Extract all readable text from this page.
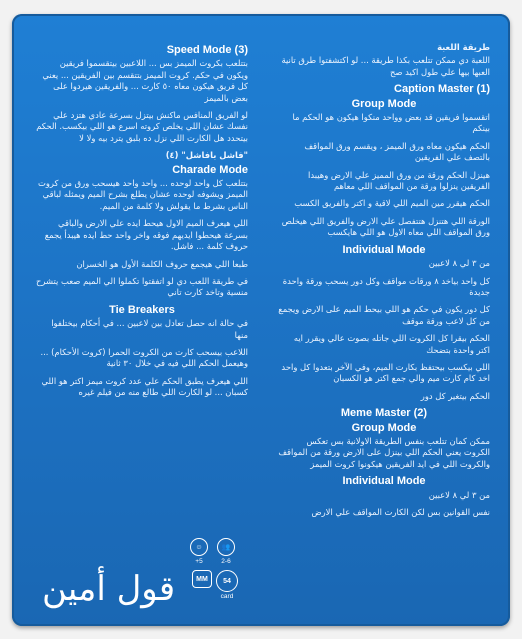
Speed Mode (3)

بتتلعب بكروت الميمز بس ... اللاعبين بيتقسموا فريقين ويكون في حكم. كروت الميمز بتتقسم بين الفريقين ... يعني كل فريق هيكون معاه ٥٠ كارت ... والفريقين هيردوا على بعض بالميمز

لو الفريق المنافس ماكنش بيتزل بسرعة عادي هتزد علي نفسك عشان اللي يخلص كروته اسرع هو اللي بيكسب. الحكم بيتحدد هل الكارت اللي نزل ده بلبق يترد بيه ولا لا

"فاشل بافاشل" (٤)
Charade Mode

بتتلعب كل واحد لوحده ... واحد واحد هيسحب ورق من كروت الميمز ويشوفه لوحده عشان يطلع بشرح الميم ويمثله لباقي الناس بشرط ما يقولش ولا كلمة من الميم.

اللي هيعرف الميم الاول هيحط ايده علي الارض والباقي بسرعة هيحطوا ايديهم فوقه واخر واحد حط ايده هيبدأ يجمع حروف كلمة ... فاشل.

طبعا اللي هيجمع حروف الكلمة الأول هو الخسران

في طريقة اللعب دي لو اتفقتوا تكملوا الي الميم صعب يتشرح منسية وتاخد كارت تاني

Tie Breakers

في حالة انه حصل تعادل بين لاعبين ... في أحكام بيختلفوا منها

اللاعب بيسحب كارت من الكروت الحمرا (كروت الأحكام) ... وهيعمل الحكم اللي فيه في خلال ٣٠ ثانية

اللي هيعرف يطبق الحكم علي عدد كروت ميمز اكتر هو اللي كسبان ... لو الكارت اللي طالع منه من فيلم غيره

طريقة اللعبة

اللعبة دي ممكن تتلعب بكذا طريقة ... لو اكتشفتوا طرق تانية العبها بيها علي طول اكيد صح

Caption Master (1)
Group Mode

اتقسموا فريقين قد بعض وواحد منكوا هيكون هو الحكم ما بينكم

الحكم هيكون معاه ورق الميمز ، ويقسم ورق المواقف بالتصف علي الفريقين

هينزل الحكم ورقة من ورق المميز علي الارض وهيبدا الفريقين ينزلوا ورقة من المواقف اللي معاهم

الحكم هيقرر مين الميم اللي لاقية و اكتر والفريق الكسب

الورقة اللي هتنزل هتتفصل علي الارض والفريق اللي هيخلص ورق المواقف اللي معاه الاول هو اللي هايكسب

Individual Mode

من ٣ لي ٨ لاعبين

كل واحد بياخد ٨ ورقات مواقف وكل دور يسحب ورقة واحدة جديدة

كل دور يكون في حكم هو اللي بيحط الميم على الارض ويجمع من كل لاعب ورقة موقف

الحكم بيقرا كل الكروت اللي جاتله بصوت عالي ويقرر ايه اكتر واحدة بتضحك

اللي بيكسب بيحتفظ بكارت الميم، وفي الآخر بتعدوا كل واحد اخد كام كارت ميم والي جمع اكتر هو الكسبان

الحكم بيتغير كل دور

Meme Master (2)
Group Mode

ممكن كمان تتلعب بنفس الطريقة الاولانية بس تعكس الكروت يعني الحكم اللي بينزل على الارض ورقة من المواقف والكروت اللي في ايد الفريقين هيكونوا كروت الميمز

Individual Mode

من ٣ لي ٨ لاعبين

نفس القوانين بس لكن الكارت المواقف علي الارض

قول أمين
👥
2-6
☺
+5
MM	54
card
